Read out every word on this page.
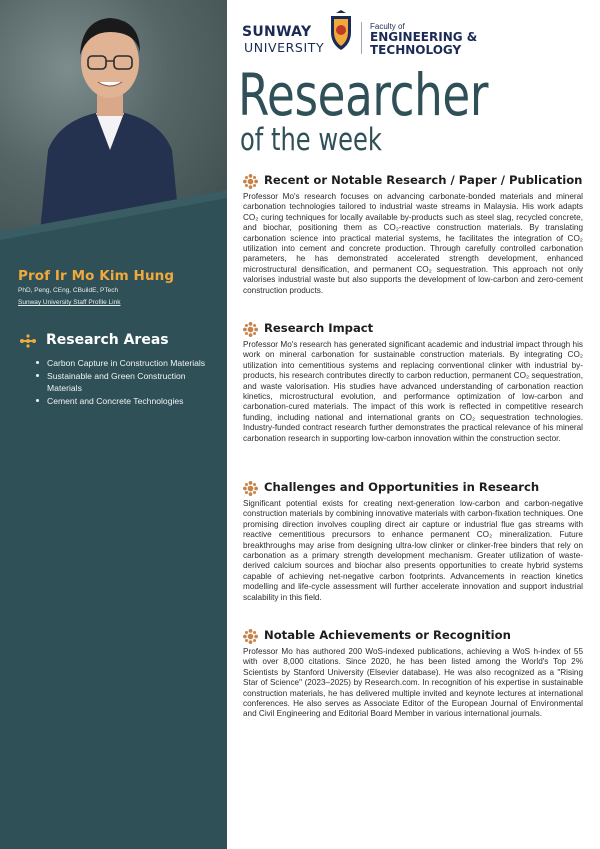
Prof Ir Mo Kim Hung
PhD, Peng, CEng, CBuildE, PTech
Sunway University Staff Profile Link
Research Areas
Carbon Capture in Construction Materials
Sustainable and Green Construction Materials
Cement and Concrete Technologies
SUNWAY
UNIVERSITY
Faculty of
ENGINEERING &
TECHNOLOGY
Researcher
of the week
Recent or Notable Research / Paper / Publication
Professor Mo's research focuses on advancing carbonate-bonded materials and mineral carbonation technologies tailored to industrial waste streams in Malaysia. His work adapts CO₂ curing techniques for locally available by-products such as steel slag, recycled concrete, and biochar, positioning them as CO₂-reactive construction materials. By translating carbonation science into practical material systems, he facilitates the integration of CO₂ utilization into cement and concrete production. Through carefully controlled carbonation parameters, he has demonstrated accelerated strength development, enhanced microstructural densification, and permanent CO₂ sequestration. This approach not only valorises industrial waste but also supports the development of low-carbon and zero-cement construction products.
Research Impact
Professor Mo's research has generated significant academic and industrial impact through his work on mineral carbonation for sustainable construction materials. By integrating CO₂ utilization into cementitious systems and replacing conventional clinker with industrial by-products, his research contributes directly to carbon reduction, permanent CO₂ sequestration, and waste valorisation. His studies have advanced understanding of carbonation reaction kinetics, microstructural evolution, and performance optimization of low-carbon and carbonation-cured materials. The impact of this work is reflected in competitive research funding, including national and international grants on CO₂ sequestration technologies. Industry-funded contract research further demonstrates the practical relevance of his mineral carbonation research in supporting low-carbon innovation within the construction sector.
Challenges and Opportunities in Research
Significant potential exists for creating next-generation low-carbon and carbon-negative construction materials by combining innovative materials with carbon-fixation techniques. One promising direction involves coupling direct air capture or industrial flue gas streams with reactive cementitious precursors to enhance permanent CO₂ mineralization. Future breakthroughs may arise from designing ultra-low clinker or clinker-free binders that rely on carbonation as a primary strength development mechanism. Greater utilization of waste-derived calcium sources and biochar also presents opportunities to create hybrid systems capable of achieving net-negative carbon footprints. Advancements in reaction kinetics modelling and life-cycle assessment will further accelerate innovation and support industrial scalability in this field.
Notable Achievements or Recognition
Professor Mo has authored 200 WoS-indexed publications, achieving a WoS h-index of 55 with over 8,000 citations. Since 2020, he has been listed among the World's Top 2% Scientists by Stanford University (Elsevier database). He was also recognized as a "Rising Star of Science" (2023–2025) by Research.com. In recognition of his expertise in sustainable construction materials, he has delivered multiple invited and keynote lectures at international conferences. He also serves as Associate Editor of the European Journal of Environmental and Civil Engineering and Editorial Board Member in various international journals.
